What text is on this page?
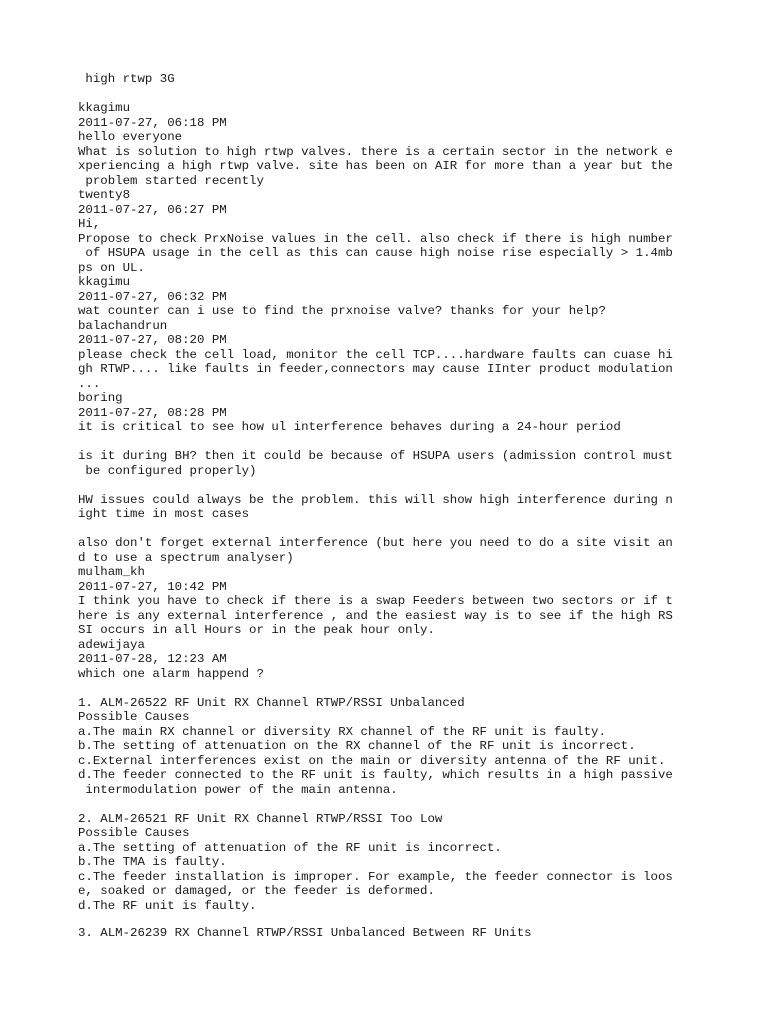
high rtwp 3G
kkagimu
2011-07-27, 06:18 PM
hello everyone
What is solution to high rtwp valves. there is a certain sector in the network e
xperiencing a high rtwp valve. site has been on AIR for more than a year but the
problem started recently
twenty8
2011-07-27, 06:27 PM
Hi,
Propose to check PrxNoise values in the cell. also check if there is high number
of HSUPA usage in the cell as this can cause high noise rise especially > 1.4mb
ps on UL.
kkagimu
2011-07-27, 06:32 PM
wat counter can i use to find the prxnoise valve? thanks for your help?
balachandrun
2011-07-27, 08:20 PM
please check the cell load, monitor the cell TCP....hardware faults can cuase hi
gh RTWP.... like faults in feeder,connectors may cause IInter product modulation
...
boring
2011-07-27, 08:28 PM
it is critical to see how ul interference behaves during a 24-hour period
is it during BH? then it could be because of HSUPA users (admission control must
be configured properly)
HW issues could always be the problem. this will show high interference during n
ight time in most cases
also don't forget external interference (but here you need to do a site visit an
d to use a spectrum analyser)
mulham_kh
2011-07-27, 10:42 PM
I think you have to check if there is a swap Feeders between two sectors or if t
here is any external interference , and the easiest way is to see if the high RS
SI occurs in all Hours or in the peak hour only.
adewijaya
2011-07-28, 12:23 AM
which one alarm happend ?
1. ALM-26522 RF Unit RX Channel RTWP/RSSI Unbalanced
Possible Causes
a.The main RX channel or diversity RX channel of the RF unit is faulty.
b.The setting of attenuation on the RX channel of the RF unit is incorrect.
c.External interferences exist on the main or diversity antenna of the RF unit.
d.The feeder connected to the RF unit is faulty, which results in a high passive
intermodulation power of the main antenna.
2. ALM-26521 RF Unit RX Channel RTWP/RSSI Too Low
Possible Causes
a.The setting of attenuation of the RF unit is incorrect.
b.The TMA is faulty.
c.The feeder installation is improper. For example, the feeder connector is loos
e, soaked or damaged, or the feeder is deformed.
d.The RF unit is faulty.
3. ALM-26239 RX Channel RTWP/RSSI Unbalanced Between RF Units
